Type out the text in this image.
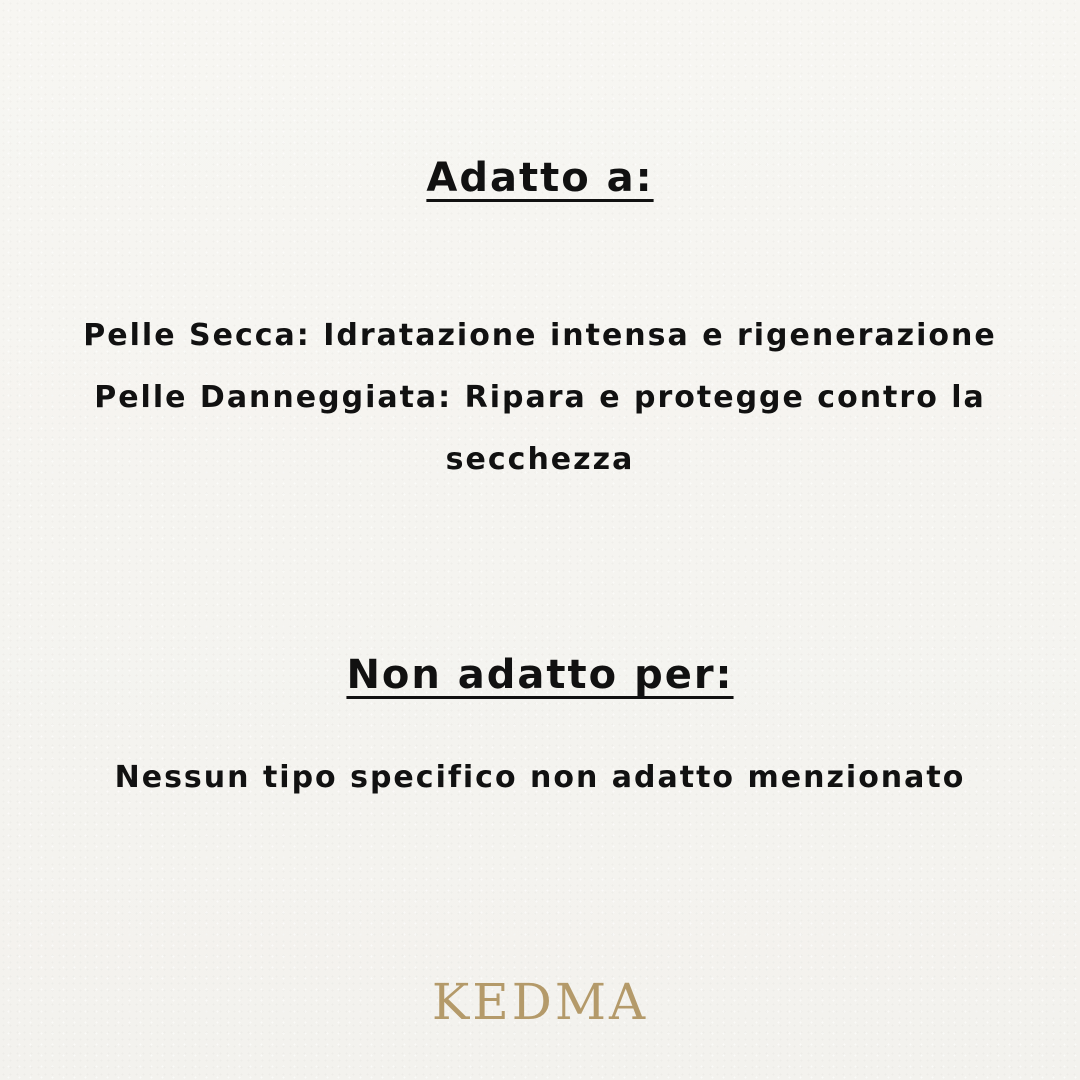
Adatto a:
Pelle Secca: Idratazione intensa e rigenerazione
Pelle Danneggiata: Ripara e protegge contro la
secchezza
Non adatto per:
Nessun tipo specifico non adatto menzionato
KEDMA
